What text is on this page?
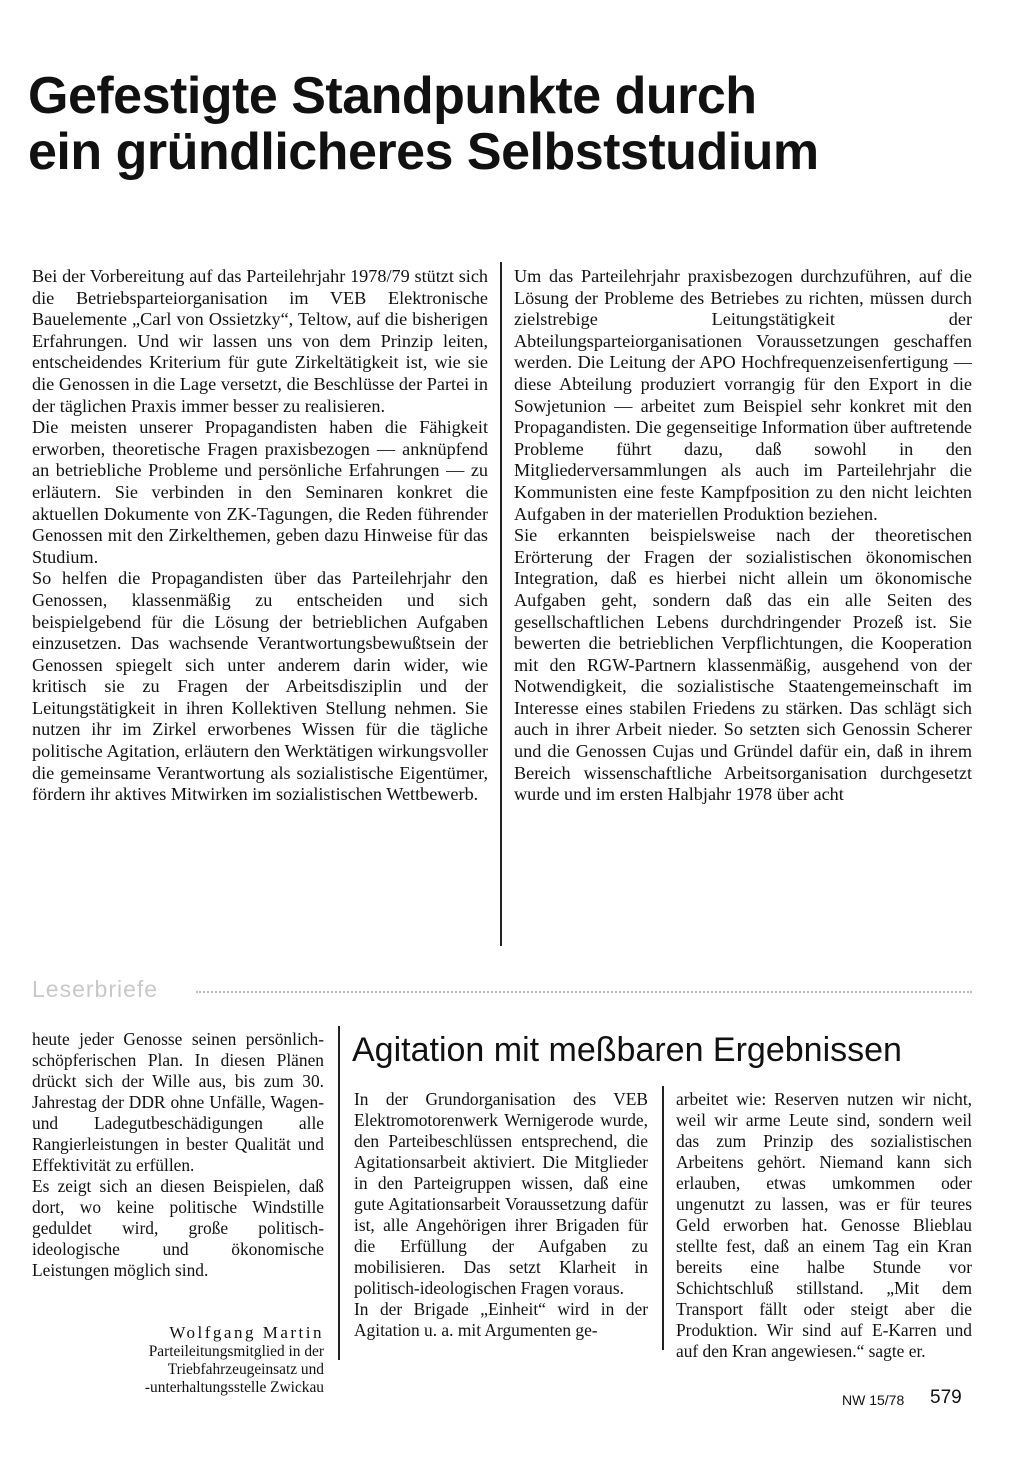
Gefestigte Standpunkte durch
ein gründlicheres Selbststudium

Bei der Vorbereitung auf das Parteilehrjahr 1978/79 stützt sich die Betriebsparteiorganisation im VEB Elektronische Bauelemente „Carl von Ossietzky“, Teltow, auf die bisherigen Erfahrungen. Und wir lassen uns von dem Prinzip leiten, entscheidendes Kriterium für gute Zirkeltätigkeit ist, wie sie die Genossen in die Lage versetzt, die Beschlüsse der Partei in der täglichen Praxis immer besser zu realisieren.

Die meisten unserer Propagandisten haben die Fähigkeit erworben, theoretische Fragen praxisbezogen — anknüpfend an betriebliche Probleme und persönliche Erfahrungen — zu erläutern. Sie verbinden in den Seminaren konkret die aktuellen Dokumente von ZK-Tagungen, die Reden führender Genossen mit den Zirkelthemen, geben dazu Hinweise für das Studium.

So helfen die Propagandisten über das Parteilehrjahr den Genossen, klassenmäßig zu entscheiden und sich beispielgebend für die Lösung der betrieblichen Aufgaben einzusetzen. Das wachsende Verantwortungsbewußtsein der Genossen spiegelt sich unter anderem darin wider, wie kritisch sie zu Fragen der Arbeitsdisziplin und der Leitungstätigkeit in ihren Kollektiven Stellung nehmen. Sie nutzen ihr im Zirkel erworbenes Wissen für die tägliche politische Agitation, erläutern den Werktätigen wirkungsvoller die gemeinsame Verantwortung als sozialistische Eigentümer, fördern ihr aktives Mitwirken im sozialistischen Wettbewerb.

Um das Parteilehrjahr praxisbezogen durchzuführen, auf die Lösung der Probleme des Betriebes zu richten, müssen durch zielstrebige Leitungstätigkeit der Abteilungsparteiorganisationen Voraussetzungen geschaffen werden. Die Leitung der APO Hochfrequenzeisenfertigung — diese Abteilung produziert vorrangig für den Export in die Sowjetunion — arbeitet zum Beispiel sehr konkret mit den Propagandisten. Die gegenseitige Information über auftretende Probleme führt dazu, daß sowohl in den Mitgliederversammlungen als auch im Parteilehrjahr die Kommunisten eine feste Kampfposition zu den nicht leichten Aufgaben in der materiellen Produktion beziehen.

Sie erkannten beispielsweise nach der theoretischen Erörterung der Fragen der sozialistischen ökonomischen Integration, daß es hierbei nicht allein um ökonomische Aufgaben geht, sondern daß das ein alle Seiten des gesellschaftlichen Lebens durchdringender Prozeß ist. Sie bewerten die betrieblichen Verpflichtungen, die Kooperation mit den RGW-Partnern klassenmäßig, ausgehend von der Notwendigkeit, die sozialistische Staatengemeinschaft im Interesse eines stabilen Friedens zu stärken. Das schlägt sich auch in ihrer Arbeit nieder. So setzten sich Genossin Scherer und die Genossen Cujas und Gründel dafür ein, daß in ihrem Bereich wissenschaftliche Arbeitsorganisation durchgesetzt wurde und im ersten Halbjahr 1978 über acht

Leserbriefe

heute jeder Genosse seinen persönlich-schöpferischen Plan. In diesen Plänen drückt sich der Wille aus, bis zum 30. Jahrestag der DDR ohne Unfälle, Wagen- und Ladegutbeschädigungen alle Rangierleistungen in bester Qualität und Effektivität zu erfüllen.

Es zeigt sich an diesen Beispielen, daß dort, wo keine politische Windstille geduldet wird, große politisch-ideologische und ökonomische Leistungen möglich sind.

Wolfgang Martin
Parteileitungsmitglied in der
Triebfahrzeugeinsatz und
-unterhaltungsstelle Zwickau
Agitation mit meßbaren Ergebnissen

In der Grundorganisation des VEB Elektromotorenwerk Wernigerode wurde, den Parteibeschlüssen entsprechend, die Agitationsarbeit aktiviert. Die Mitglieder in den Parteigruppen wissen, daß eine gute Agitationsarbeit Voraussetzung dafür ist, alle Angehörigen ihrer Brigaden für die Erfüllung der Aufgaben zu mobilisieren. Das setzt Klarheit in politisch-ideologischen Fragen voraus.

In der Brigade „Einheit“ wird in der Agitation u. a. mit Argumenten ge-

arbeitet wie: Reserven nutzen wir nicht, weil wir arme Leute sind, sondern weil das zum Prinzip des sozialistischen Arbeitens gehört. Niemand kann sich erlauben, etwas umkommen oder ungenutzt zu lassen, was er für teures Geld erworben hat. Genosse Blieblau stellte fest, daß an einem Tag ein Kran bereits eine halbe Stunde vor Schichtschluß stillstand. „Mit dem Transport fällt oder steigt aber die Produktion. Wir sind auf E-Karren und auf den Kran angewiesen.“ sagte er.

NW 15/78 579
